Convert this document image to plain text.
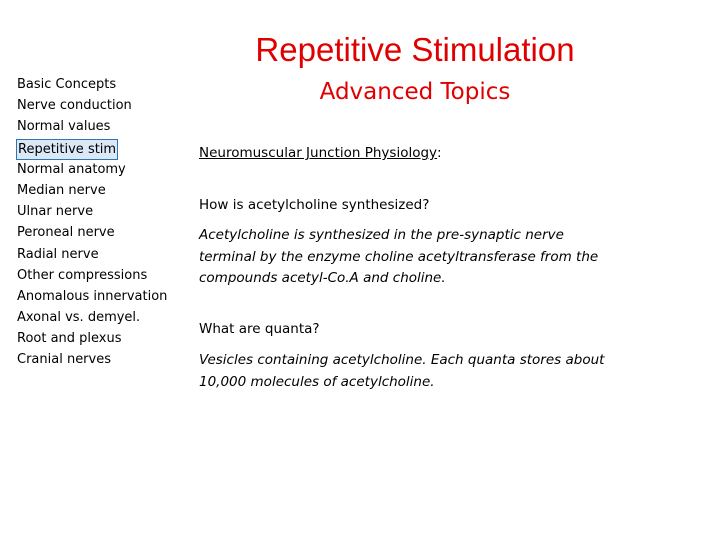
Basic Concepts
Nerve conduction
Normal values
Repetitive stim
Normal anatomy
Median nerve
Ulnar nerve
Peroneal nerve
Radial nerve
Other compressions
Anomalous innervation
Axonal vs. demyel.
Root and plexus
Cranial nerves
Repetitive Stimulation
Advanced Topics
Neuromuscular Junction Physiology:
How is acetylcholine synthesized?
Acetylcholine is synthesized in the pre-synaptic nerve terminal by the enzyme choline acetyltransferase from the compounds acetyl-Co.A and choline.
What are quanta?
Vesicles containing acetylcholine. Each quanta stores about 10,000 molecules of acetylcholine.
